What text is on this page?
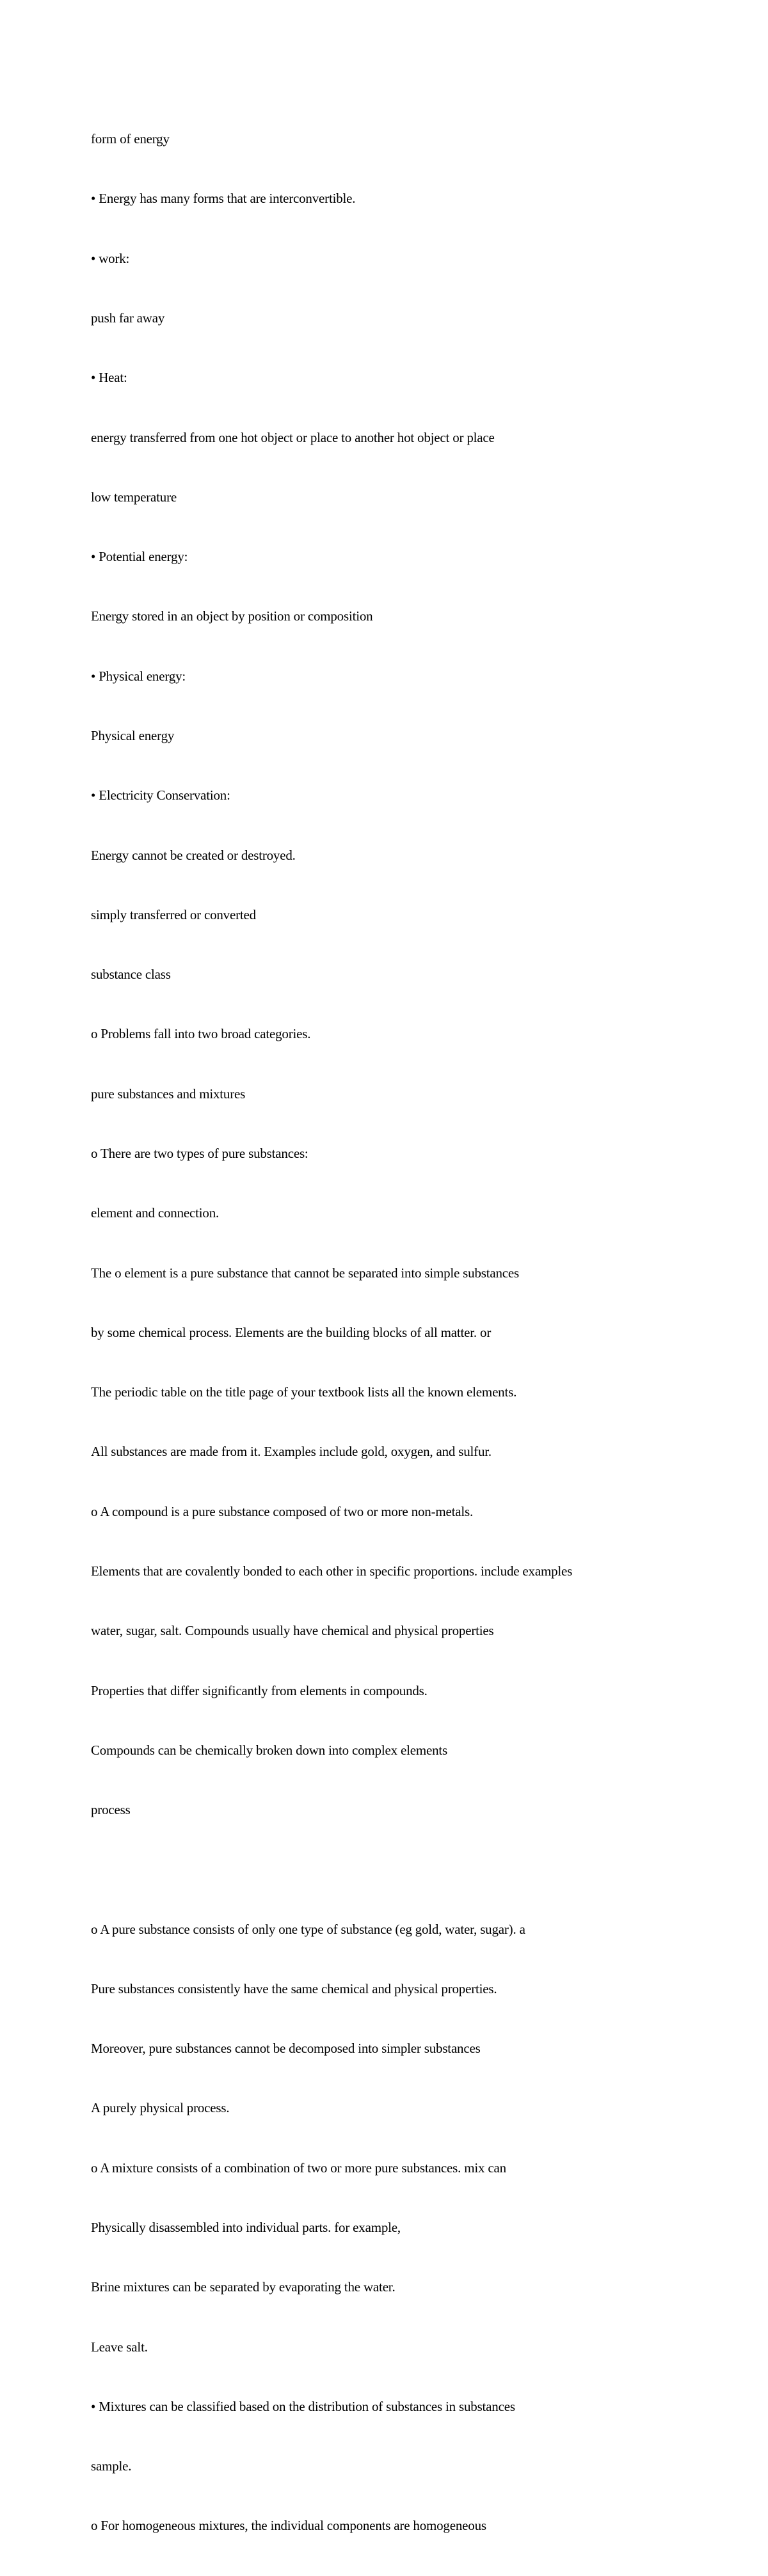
form of energy

• Energy has many forms that are interconvertible.

• work:

push far away

• Heat:

energy transferred from one hot object or place to another hot object or place

low temperature

• Potential energy:

Energy stored in an object by position or composition

• Physical energy:

Physical energy

• Electricity Conservation:

Energy cannot be created or destroyed.

simply transferred or converted

substance class

o Problems fall into two broad categories.

pure substances and mixtures

o There are two types of pure substances:

element and connection.

The o element is a pure substance that cannot be separated into simple substances

by some chemical process. Elements are the building blocks of all matter. or

The periodic table on the title page of your textbook lists all the known elements.

All substances are made from it. Examples include gold, oxygen, and sulfur.

o A compound is a pure substance composed of two or more non-metals.

Elements that are covalently bonded to each other in specific proportions. include examples

water, sugar, salt. Compounds usually have chemical and physical properties

Properties that differ significantly from elements in compounds.

Compounds can be chemically broken down into complex elements

process

o A pure substance consists of only one type of substance (eg gold, water, sugar). a

Pure substances consistently have the same chemical and physical properties.

Moreover, pure substances cannot be decomposed into simpler substances

A purely physical process.

o A mixture consists of a combination of two or more pure substances. mix can

Physically disassembled into individual parts. for example,

Brine mixtures can be separated by evaporating the water.

Leave salt.

• Mixtures can be classified based on the distribution of substances in substances

sample.

o For homogeneous mixtures, the individual components are homogeneous
